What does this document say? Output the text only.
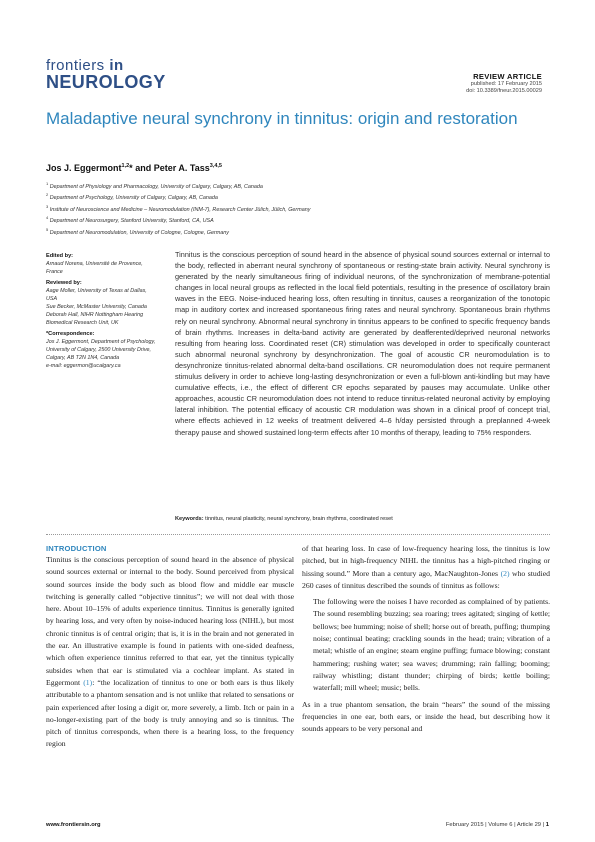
frontiers in
NEUROLOGY	REVIEW ARTICLE
published: 17 February 2015
doi: 10.3389/fneur.2015.00029
Maladaptive neural synchrony in tinnitus: origin and restoration
Jos J. Eggermont$^{1,2}$* and Peter A. Tass$^{3,4,5}$
$^1$ Department of Physiology and Pharmacology, University of Calgary, Calgary, AB, Canada
$^2$ Department of Psychology, University of Calgary, Calgary, AB, Canada
$^3$ Institute of Neuroscience and Medicine – Neuromodulation (INM-7), Research Center Jülich, Jülich, Germany
$^4$ Department of Neurosurgery, Stanford University, Stanford, CA, USA
$^5$ Department of Neuromodulation, University of Cologne, Cologne, Germany
Edited by:
Arnaud Norena, Université de Provence, France
Reviewed by:
Aage Moller, University of Texas at Dallas, USA
Sue Becker, McMaster University, Canada
Deborah Hall, NIHR Nottingham Hearing Biomedical Research Unit, UK
*Correspondence:
Jos J. Eggermont, Department of Psychology, University of Calgary, 2500 University Drive, Calgary, AB T2N 1N4, Canada
e-mail: eggermon@ucalgary.ca
Tinnitus is the conscious perception of sound heard in the absence of physical sound sources external or internal to the body, reflected in aberrant neural synchrony of spontaneous or resting-state brain activity. Neural synchrony is generated by the nearly simultaneous firing of individual neurons, of the synchronization of membrane-potential changes in local neural groups as reflected in the local field potentials, resulting in the presence of oscillatory brain waves in the EEG. Noise-induced hearing loss, often resulting in tinnitus, causes a reorganization of the tonotopic map in auditory cortex and increased spontaneous firing rates and neural synchrony. Spontaneous brain rhythms rely on neural synchrony. Abnormal neural synchrony in tinnitus appears to be confined to specific frequency bands of brain rhythms. Increases in delta-band activity are generated by deafferented/deprived neuronal networks resulting from hearing loss. Coordinated reset (CR) stimulation was developed in order to specifically counteract such abnormal neuronal synchrony by desynchronization. The goal of acoustic CR neuromodulation is to desynchronize tinnitus-related abnormal delta-band oscillations. CR neuromodulation does not require permanent stimulus delivery in order to achieve long-lasting desynchronization or even a full-blown anti-kindling but may have cumulative effects, i.e., the effect of different CR epochs separated by pauses may accumulate. Unlike other approaches, acoustic CR neuromodulation does not intend to reduce tinnitus-related neuronal activity by employing lateral inhibition. The potential efficacy of acoustic CR modulation was shown in a clinical proof of concept trial, where effects achieved in 12 weeks of treatment delivered 4–6 h/day persisted through a preplanned 4-week therapy pause and showed sustained long-term effects after 10 months of therapy, leading to 75% responders.
Keywords: tinnitus, neural plasticity, neural synchrony, brain rhythms, coordinated reset
INTRODUCTION
Tinnitus is the conscious perception of sound heard in the absence of physical sound sources external or internal to the body. Sound perceived from physical sound sources inside the body such as blood flow and middle ear muscle twitching is generally called “objective tinnitus”; we will not deal with those here. About 10–15% of adults experience tinnitus. Tinnitus is generally ignited by hearing loss, and very often by noise-induced hearing loss (NIHL), but most chronic tinnitus is of central origin; that is, it is in the brain and not generated in the ear. An illustrative example is found in patients with one-sided deafness, which often experience tinnitus referred to that ear, yet the tinnitus typically subsides when that ear is stimulated via a cochlear implant. As stated in Eggermont (1): “the localization of tinnitus to one or both ears is thus likely attributable to a phantom sensation and is not unlike that related to sensations or pain experienced after losing a digit or, more severely, a limb. Itch or pain in a no-longer-existing part of the body is truly annoying and so is tinnitus. The pitch of tinnitus corresponds, when there is a hearing loss, to the frequency region
of that hearing loss. In case of low-frequency hearing loss, the tinnitus is low pitched, but in high-frequency NIHL the tinnitus has a high-pitched ringing or hissing sound.” More than a century ago, MacNaughton-Jones (2) who studied 260 cases of tinnitus described the sounds of tinnitus as follows:
The following were the noises I have recorded as complained of by patients. The sound resembling buzzing; sea roaring; trees agitated; singing of kettle; bellows; bee humming; noise of shell; horse out of breath, puffing; thumping noise; continual beating; crackling sounds in the head; train; vibration of a metal; whistle of an engine; steam engine puffing; furnace blowing; constant hammering; rushing water; sea waves; drumming; rain falling; booming; railway whistling; distant thunder; chirping of birds; kettle boiling; waterfall; mill wheel; music; bells.
As in a true phantom sensation, the brain “hears” the sound of the missing frequencies in one ear, both ears, or inside the head, but describing how it sounds appears to be very personal and
www.frontiersin.org	February 2015 | Volume 6 | Article 29 | 1
